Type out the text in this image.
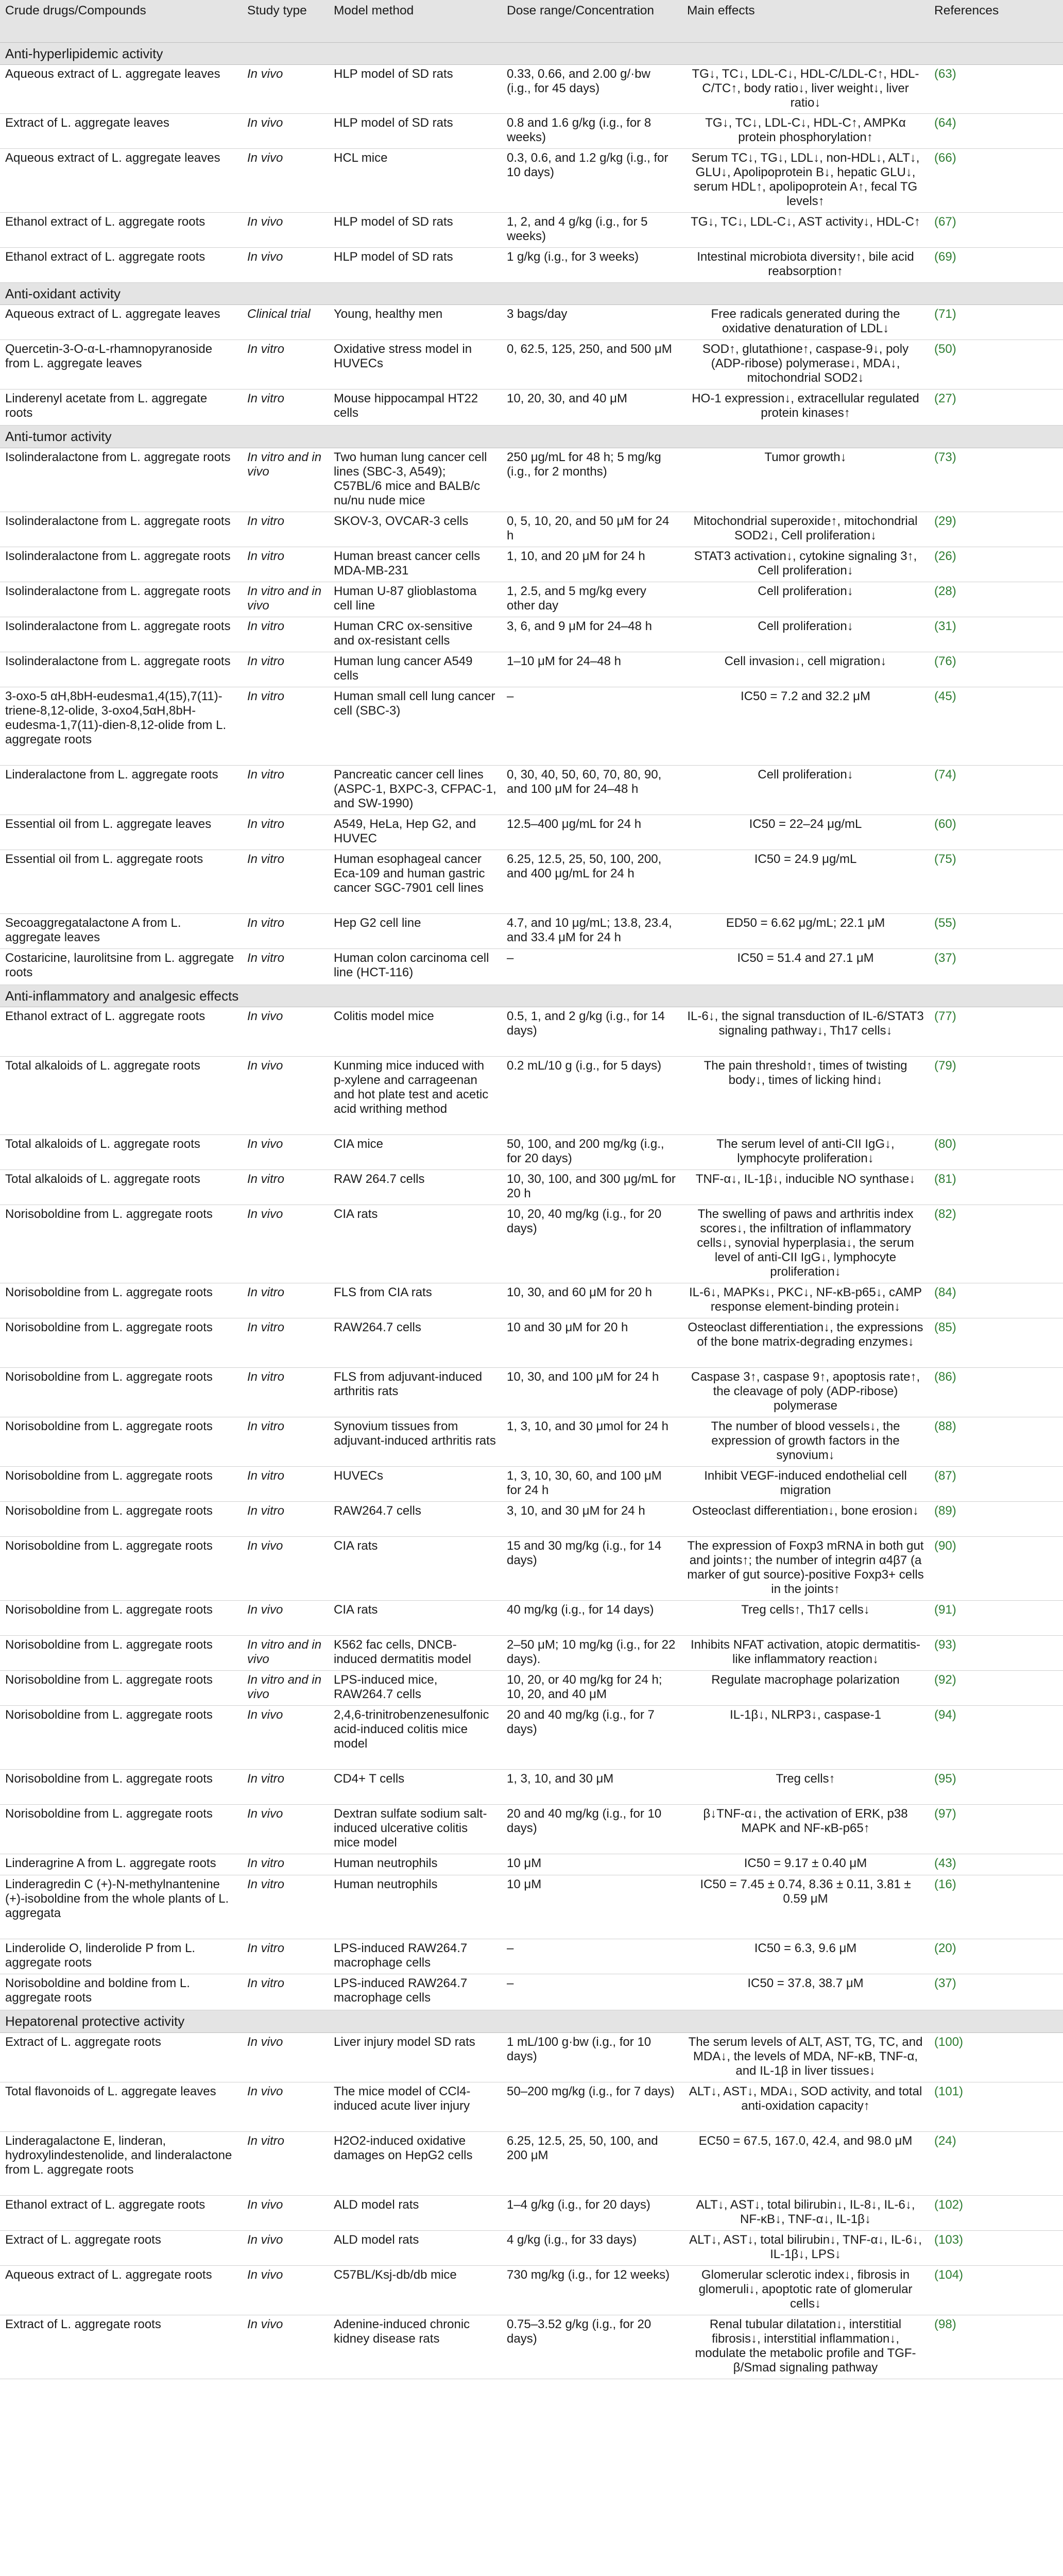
Crude drugs/Compounds	Study type	Model method	Dose range/Concentration	Main effects	References
Anti-hyperlipidemic activity					
Aqueous extract of L. aggregate leaves	In vivo	HLP model of SD rats	0.33, 0.66, and 2.00 g/·bw (i.g., for 45 days)	TG↓, TC↓, LDL-C↓, HDL-C/LDL-C↑, HDL-C/TC↑, body ratio↓, liver weight↓, liver ratio↓	(63)
Extract of L. aggregate leaves	In vivo	HLP model of SD rats	0.8 and 1.6 g/kg (i.g., for 8 weeks)	TG↓, TC↓, LDL-C↓, HDL-C↑, AMPKα protein phosphorylation↑	(64)
Aqueous extract of L. aggregate leaves	In vivo	HCL mice	0.3, 0.6, and 1.2 g/kg (i.g., for 10 days)	Serum TC↓, TG↓, LDL↓, non-HDL↓, ALT↓, GLU↓, Apolipoprotein B↓, hepatic GLU↓, serum HDL↑, apolipoprotein A↑, fecal TG levels↑	(66)
Ethanol extract of L. aggregate roots	In vivo	HLP model of SD rats	1, 2, and 4 g/kg (i.g., for 5 weeks)	TG↓, TC↓, LDL-C↓, AST activity↓, HDL-C↑	(67)
Ethanol extract of L. aggregate roots	In vivo	HLP model of SD rats	1 g/kg (i.g., for 3 weeks)	Intestinal microbiota diversity↑, bile acid reabsorption↑	(69)
Anti-oxidant activity					
Aqueous extract of L. aggregate leaves	Clinical trial	Young, healthy men	3 bags/day	Free radicals generated during the oxidative denaturation of LDL↓	(71)
Quercetin-3-O-α-L-rhamnopyranoside from L. aggregate leaves	In vitro	Oxidative stress model in HUVECs	0, 62.5, 125, 250, and 500 μM	SOD↑, glutathione↑, caspase-9↓, poly (ADP-ribose) polymerase↓, MDA↓, mitochondrial SOD2↓	(50)
Linderenyl acetate from L. aggregate roots	In vitro	Mouse hippocampal HT22 cells	10, 20, 30, and 40 μM	HO-1 expression↓, extracellular regulated protein kinases↑	(27)
Anti-tumor activity					
Isolinderalactone from L. aggregate roots	In vitro and in vivo	Two human lung cancer cell lines (SBC-3, A549); C57BL/6 mice and BALB/c nu/nu nude mice	250 μg/mL for 48 h; 5 mg/kg (i.g., for 2 months)	Tumor growth↓	(73)
Isolinderalactone from L. aggregate roots	In vitro	SKOV-3, OVCAR-3 cells	0, 5, 10, 20, and 50 μM for 24 h	Mitochondrial superoxide↑, mitochondrial SOD2↓, Cell proliferation↓	(29)
Isolinderalactone from L. aggregate roots	In vitro	Human breast cancer cells MDA-MB-231	1, 10, and 20 μM for 24 h	STAT3 activation↓, cytokine signaling 3↑, Cell proliferation↓	(26)
Isolinderalactone from L. aggregate roots	In vitro and in vivo	Human U-87 glioblastoma cell line	1, 2.5, and 5 mg/kg every other day	Cell proliferation↓	(28)
Isolinderalactone from L. aggregate roots	In vitro	Human CRC ox-sensitive and ox-resistant cells	3, 6, and 9 μM for 24–48 h	Cell proliferation↓	(31)
Isolinderalactone from L. aggregate roots	In vitro	Human lung cancer A549 cells	1–10 μM for 24–48 h	Cell invasion↓, cell migration↓	(76)
3-oxo-5 αH,8bH-eudesma1,4(15),7(11)-triene-8,12-olide, 3-oxo4,5αH,8bH-eudesma-1,7(11)-dien-8,12-olide from L. aggregate roots	In vitro	Human small cell lung cancer cell (SBC-3)	–	IC50 = 7.2 and 32.2 μM	(45)
Linderalactone from L. aggregate roots	In vitro	Pancreatic cancer cell lines (ASPC-1, BXPC-3, CFPAC-1, and SW-1990)	0, 30, 40, 50, 60, 70, 80, 90, and 100 μM for 24–48 h	Cell proliferation↓	(74)
Essential oil from L. aggregate leaves	In vitro	A549, HeLa, Hep G2, and HUVEC	12.5–400 μg/mL for 24 h	IC50 = 22–24 μg/mL	(60)
Essential oil from L. aggregate roots	In vitro	Human esophageal cancer Eca-109 and human gastric cancer SGC-7901 cell lines	6.25, 12.5, 25, 50, 100, 200, and 400 μg/mL for 24 h	IC50 = 24.9 μg/mL	(75)
Secoaggregatalactone A from L. aggregate leaves	In vitro	Hep G2 cell line	4.7, and 10 μg/mL; 13.8, 23.4, and 33.4 μM for 24 h	ED50 = 6.62 μg/mL; 22.1 μM	(55)
Costaricine, laurolitsine from L. aggregate roots	In vitro	Human colon carcinoma cell line (HCT-116)	–	IC50 = 51.4 and 27.1 μM	(37)
Anti-inflammatory and analgesic effects					
Ethanol extract of L. aggregate roots	In vivo	Colitis model mice	0.5, 1, and 2 g/kg (i.g., for 14 days)	IL-6↓, the signal transduction of IL-6/STAT3 signaling pathway↓, Th17 cells↓	(77)
Total alkaloids of L. aggregate roots	In vivo	Kunming mice induced with p-xylene and carrageenan and hot plate test and acetic acid writhing method	0.2 mL/10 g (i.g., for 5 days)	The pain threshold↑, times of twisting body↓, times of licking hind↓	(79)
Total alkaloids of L. aggregate roots	In vivo	CIA mice	50, 100, and 200 mg/kg (i.g., for 20 days)	The serum level of anti-CII IgG↓, lymphocyte proliferation↓	(80)
Total alkaloids of L. aggregate roots	In vitro	RAW 264.7 cells	10, 30, 100, and 300 μg/mL for 20 h	TNF-α↓, IL-1β↓, inducible NO synthase↓	(81)
Norisoboldine from L. aggregate roots	In vivo	CIA rats	10, 20, 40 mg/kg (i.g., for 20 days)	The swelling of paws and arthritis index scores↓, the infiltration of inflammatory cells↓, synovial hyperplasia↓, the serum level of anti-CII IgG↓, lymphocyte proliferation↓	(82)
Norisoboldine from L. aggregate roots	In vitro	FLS from CIA rats	10, 30, and 60 μM for 20 h	IL-6↓, MAPKs↓, PKC↓, NF-κB-p65↓, cAMP response element-binding protein↓	(84)
Norisoboldine from L. aggregate roots	In vitro	RAW264.7 cells	10 and 30 μM for 20 h	Osteoclast differentiation↓, the expressions of the bone matrix-degrading enzymes↓	(85)
Norisoboldine from L. aggregate roots	In vitro	FLS from adjuvant-induced arthritis rats	10, 30, and 100 μM for 24 h	Caspase 3↑, caspase 9↑, apoptosis rate↑, the cleavage of poly (ADP-ribose) polymerase	(86)
Norisoboldine from L. aggregate roots	In vitro	Synovium tissues from adjuvant-induced arthritis rats	1, 3, 10, and 30 μmol for 24 h	The number of blood vessels↓, the expression of growth factors in the synovium↓	(88)
Norisoboldine from L. aggregate roots	In vitro	HUVECs	1, 3, 10, 30, 60, and 100 μM for 24 h	Inhibit VEGF-induced endothelial cell migration	(87)
Norisoboldine from L. aggregate roots	In vitro	RAW264.7 cells	3, 10, and 30 μM for 24 h	Osteoclast differentiation↓, bone erosion↓	(89)
Norisoboldine from L. aggregate roots	In vivo	CIA rats	15 and 30 mg/kg (i.g., for 14 days)	The expression of Foxp3 mRNA in both gut and joints↑; the number of integrin α4β7 (a marker of gut source)-positive Foxp3+ cells in the joints↑	(90)
Norisoboldine from L. aggregate roots	In vivo	CIA rats	40 mg/kg (i.g., for 14 days)	Treg cells↑, Th17 cells↓	(91)
Norisoboldine from L. aggregate roots	In vitro and in vivo	K562 fac cells, DNCB-induced dermatitis model	2–50 μM; 10 mg/kg (i.g., for 22 days).	Inhibits NFAT activation, atopic dermatitis-like inflammatory reaction↓	(93)
Norisoboldine from L. aggregate roots	In vitro and in vivo	LPS-induced mice, RAW264.7 cells	10, 20, or 40 mg/kg for 24 h; 10, 20, and 40 μM	Regulate macrophage polarization	(92)
Norisoboldine from L. aggregate roots	In vivo	2,4,6-trinitrobenzenesulfonic acid-induced colitis mice model	20 and 40 mg/kg (i.g., for 7 days)	IL-1β↓, NLRP3↓, caspase-1	(94)
Norisoboldine from L. aggregate roots	In vitro	CD4+ T cells	1, 3, 10, and 30 μM	Treg cells↑	(95)
Norisoboldine from L. aggregate roots	In vivo	Dextran sulfate sodium salt-induced ulcerative colitis mice model	20 and 40 mg/kg (i.g., for 10 days)	β↓TNF-α↓, the activation of ERK, p38 MAPK and NF-κB-p65↑	(97)
Linderagrine A from L. aggregate roots	In vitro	Human neutrophils	10 μM	IC50 = 9.17 ± 0.40 μM	(43)
Linderagredin C (+)-N-methylnantenine (+)-isoboldine from the whole plants of L. aggregata	In vitro	Human neutrophils	10 μM	IC50 = 7.45 ± 0.74, 8.36 ± 0.11, 3.81 ± 0.59 μM	(16)
Linderolide O, linderolide P from L. aggregate roots	In vitro	LPS-induced RAW264.7 macrophage cells	–	IC50 = 6.3, 9.6 μM	(20)
Norisoboldine and boldine from L. aggregate roots	In vitro	LPS-induced RAW264.7 macrophage cells	–	IC50 = 37.8, 38.7 μM	(37)
Hepatorenal protective activity					
Extract of L. aggregate roots	In vivo	Liver injury model SD rats	1 mL/100 g·bw (i.g., for 10 days)	The serum levels of ALT, AST, TG, TC, and MDA↓, the levels of MDA, NF-κB, TNF-α, and IL-1β in liver tissues↓	(100)
Total flavonoids of L. aggregate leaves	In vivo	The mice model of CCl4-induced acute liver injury	50–200 mg/kg (i.g., for 7 days)	ALT↓, AST↓, MDA↓, SOD activity, and total anti-oxidation capacity↑	(101)
Linderagalactone E, linderan, hydroxylindestenolide, and linderalactone from L. aggregate roots	In vitro	H2O2-induced oxidative damages on HepG2 cells	6.25, 12.5, 25, 50, 100, and 200 μM	EC50 = 67.5, 167.0, 42.4, and 98.0 μM	(24)
Ethanol extract of L. aggregate roots	In vivo	ALD model rats	1–4 g/kg (i.g., for 20 days)	ALT↓, AST↓, total bilirubin↓, IL-8↓, IL-6↓, NF-κB↓, TNF-α↓, IL-1β↓	(102)
Extract of L. aggregate roots	In vivo	ALD model rats	4 g/kg (i.g., for 33 days)	ALT↓, AST↓, total bilirubin↓, TNF-α↓, IL-6↓, IL-1β↓, LPS↓	(103)
Aqueous extract of L. aggregate roots	In vivo	C57BL/Ksj-db/db mice	730 mg/kg (i.g., for 12 weeks)	Glomerular sclerotic index↓, fibrosis in glomeruli↓, apoptotic rate of glomerular cells↓	(104)
Extract of L. aggregate roots	In vivo	Adenine-induced chronic kidney disease rats	0.75–3.52 g/kg (i.g., for 20 days)	Renal tubular dilatation↓, interstitial fibrosis↓, interstitial inflammation↓, modulate the metabolic profile and TGF-β/Smad signaling pathway	(98)
